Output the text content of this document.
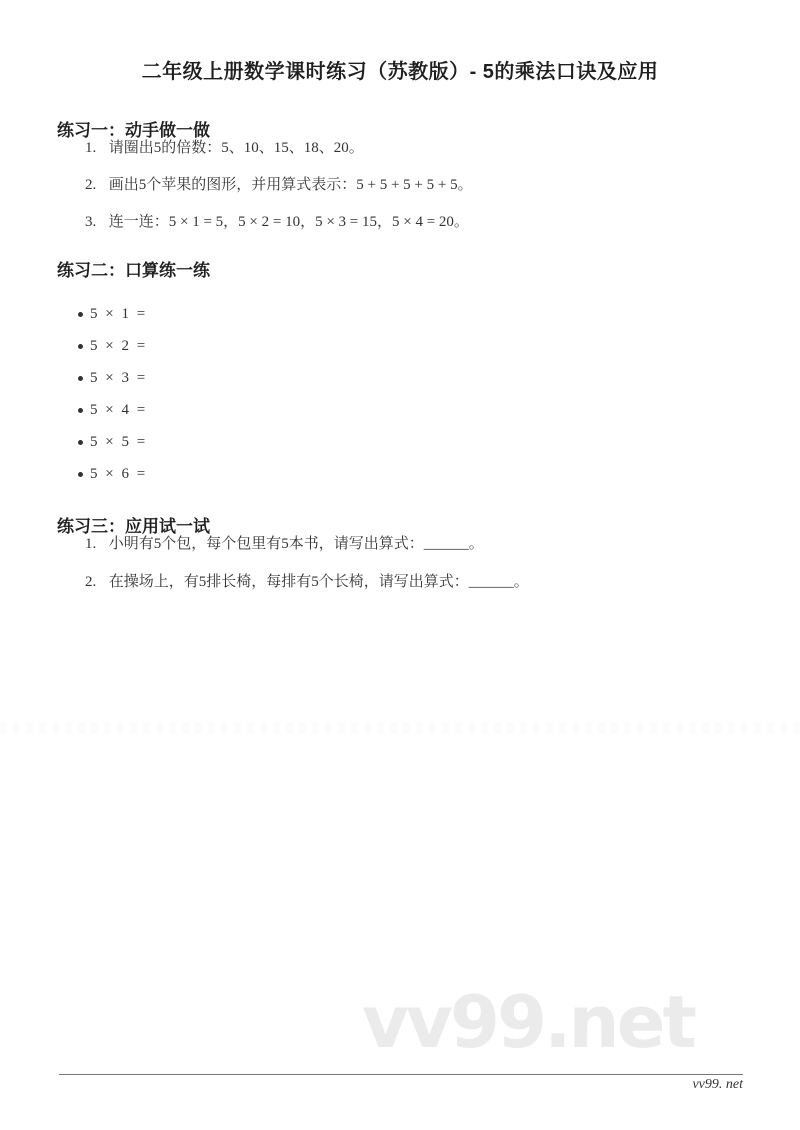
二年级上册数学课时练习（苏教版）- 5的乘法口诀及应用
练习一：动手做一做
1. 请圈出5的倍数：5、10、15、18、20。
2. 画出5个苹果的图形，并用算式表示：5 + 5 + 5 + 5 + 5。
3. 连一连：5 × 1 = 5，5 × 2 = 10，5 × 3 = 15，5 × 4 = 20。
练习二：口算练一练
5 × 1 =
5 × 2 =
5 × 3 =
5 × 4 =
5 × 5 =
5 × 6 =
练习三：应用试一试
1. 小明有5个包，每个包里有5本书，请写出算式：______。
2. 在操场上，有5排长椅，每排有5个长椅，请写出算式：______。
vv99.net
vv99. net
